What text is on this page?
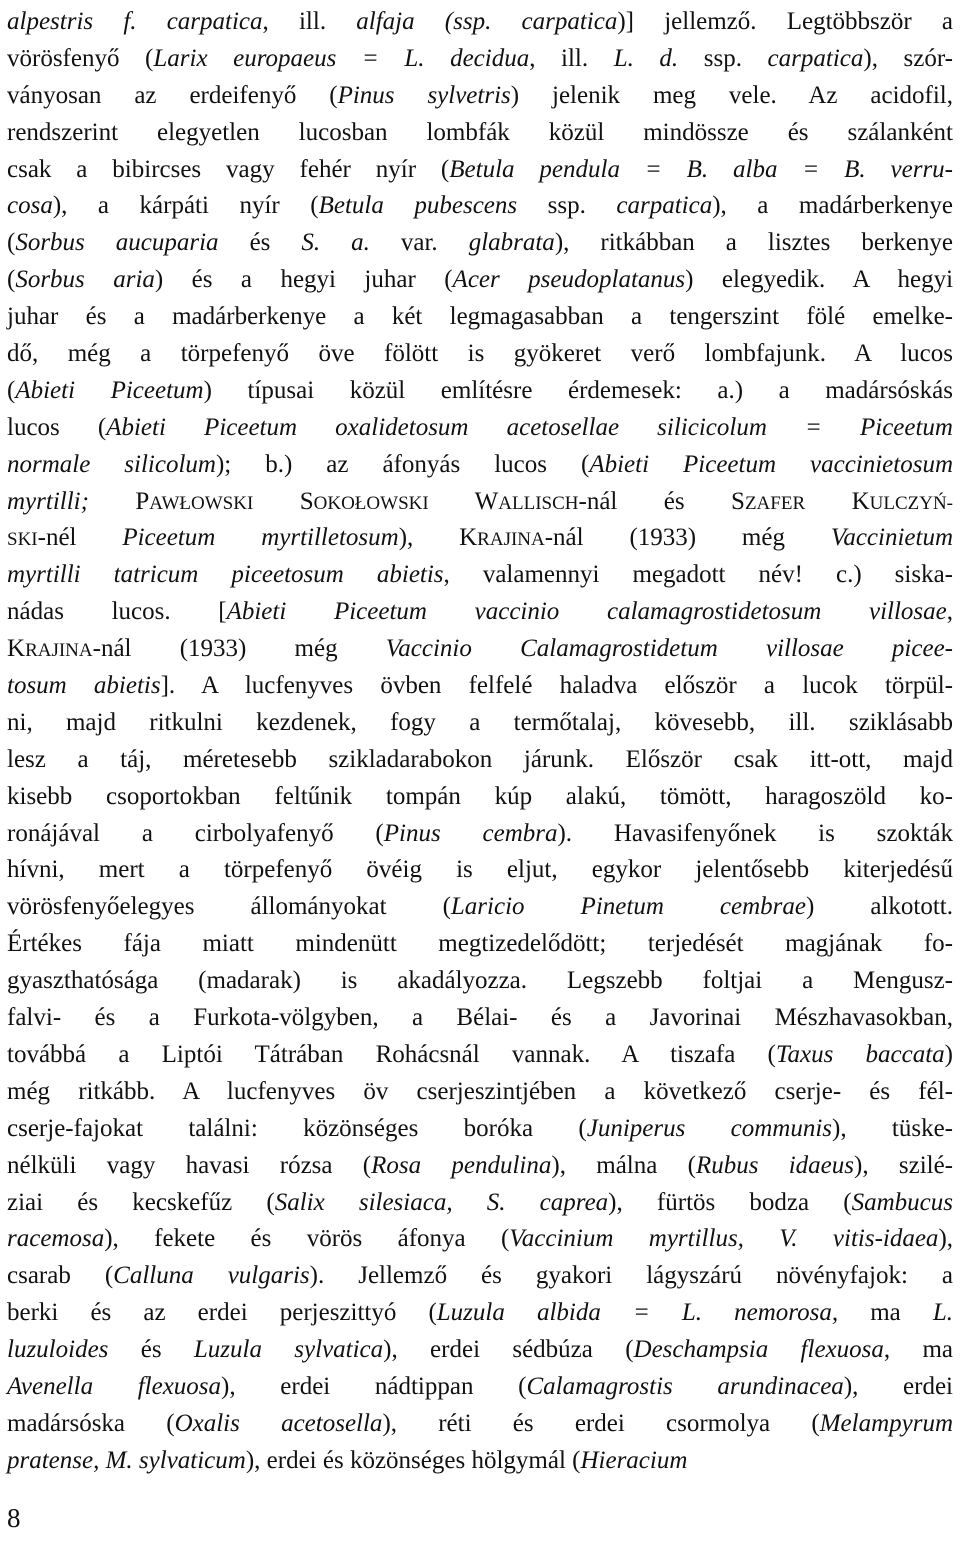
alpestris f. carpatica, ill. alfaja (ssp. carpatica)] jellemző. Legtöbbször a
vörösfenyő (Larix europaeus = L. decidua, ill. L. d. ssp. carpatica), szór-
ványosan az erdeifenyő (Pinus sylvetris) jelenik meg vele. Az acidofil,
rendszerint elegyetlen lucosban lombfák közül mindössze és szálanként
csak a bibircses vagy fehér nyír (Betula pendula = B. alba = B. verru-
cosa), a kárpáti nyír (Betula pubescens ssp. carpatica), a madárberkenye
(Sorbus aucuparia és S. a. var. glabrata), ritkábban a lisztes berkenye
(Sorbus aria) és a hegyi juhar (Acer pseudoplatanus) elegyedik. A hegyi
juhar és a madárberkenye a két legmagasabban a tengerszint fölé emelke-
dő, még a törpefenyő öve fölött is gyökeret verő lombfajunk. A lucos
(Abieti Piceetum) típusai közül említésre érdemesek: a.) a madársóskás
lucos (Abieti Piceetum oxalidetosum acetosellae silicicolum = Piceetum
normale silicolum); b.) az áfonyás lucos (Abieti Piceetum vaccinietosum
myrtilli; PAWŁOWSKI SOKOŁOWSKI WALLISCH-nál és SZAFER KULCZYŃ-
SKI-nél Piceetum myrtilletosum), KRAJINA-nál (1933) még Vaccinietum
myrtilli tatricum piceetosum abietis, valamennyi megadott név! c.) siska-
nádas lucos. [Abieti Piceetum vaccinio calamagrostidetosum villosae,
KRAJINA-nál (1933) még Vaccinio Calamagrostidetum villosae picee-
tosum abietis]. A lucfenyves övben felfelé haladva először a lucok törpül-
ni, majd ritkulni kezdenek, fogy a termőtalaj, kövesebb, ill. sziklásabb
lesz a táj, méretesebb szikladarabokon járunk. Először csak itt-ott, majd
kisebb csoportokban feltűnik tompán kúp alakú, tömött, haragoszöld ko-
ronájával a cirbolyafenyő (Pinus cembra). Havasifenyőnek is szokták
hívni, mert a törpefenyő övéig is eljut, egykor jelentősebb kiterjedésű
vörösfenyőelegyes állományokat (Laricio Pinetum cembrae) alkotott.
Értékes fája miatt mindenütt megtizedelődött; terjedését magjának fo-
gyaszthatósága (madarak) is akadályozza. Legszebb foltjai a Mengusz-
falvi- és a Furkota-völgyben, a Bélai- és a Javorinai Mészhavasokban,
továbbá a Liptói Tátrában Rohácsnál vannak. A tiszafa (Taxus baccata)
még ritkább. A lucfenyves öv cserjeszintjében a következő cserje- és fél-
cserje-fajokat találni: közönséges boróka (Juniperus communis), tüske-
nélküli vagy havasi rózsa (Rosa pendulina), málna (Rubus idaeus), szilé-
ziai és kecskefűz (Salix silesiaca, S. caprea), fürtös bodza (Sambucus
racemosa), fekete és vörös áfonya (Vaccinium myrtillus, V. vitis-idaea),
csarab (Calluna vulgaris). Jellemző és gyakori lágyszárú növényfajok: a
berki és az erdei perjeszittyó (Luzula albida = L. nemorosa, ma L.
luzuloides és Luzula sylvatica), erdei sédbúza (Deschampsia flexuosa, ma
Avenella flexuosa), erdei nádtippan (Calamagrostis arundinacea), erdei
madársóska (Oxalis acetosella), réti és erdei csormolya (Melampyrum
pratense, M. sylvaticum), erdei és közönséges hölgymál (Hieracium
8
